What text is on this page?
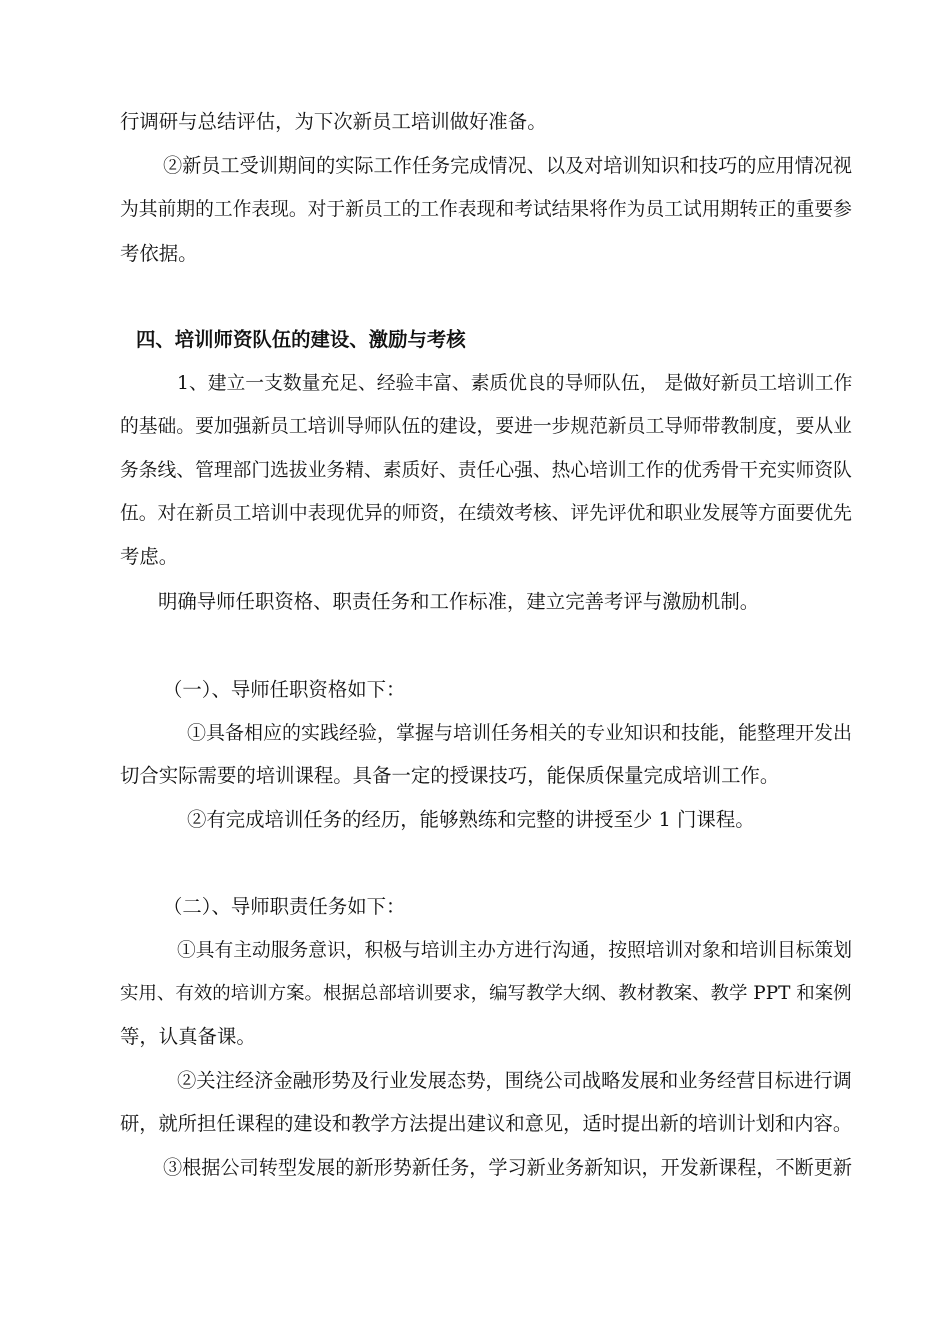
行调研与总结评估，为下次新员工培训做好准备。
②新员工受训期间的实际工作任务完成情况、以及对培训知识和技巧的应用情况视
为其前期的工作表现。对于新员工的工作表现和考试结果将作为员工试用期转正的重要参
考依据。
四、培训师资队伍的建设、激励与考核
1、建立一支数量充足、经验丰富、素质优良的导师队伍， 是做好新员工培训工作
的基础。要加强新员工培训导师队伍的建设，要进一步规范新员工导师带教制度，要从业
务条线、管理部门选拔业务精、素质好、责任心强、热心培训工作的优秀骨干充实师资队
伍。对在新员工培训中表现优异的师资，在绩效考核、评先评优和职业发展等方面要优先
考虑。
明确导师任职资格、职责任务和工作标准，建立完善考评与激励机制。
（一）、导师任职资格如下：
①具备相应的实践经验，掌握与培训任务相关的专业知识和技能，能整理开发出
切合实际需要的培训课程。具备一定的授课技巧，能保质保量完成培训工作。
②有完成培训任务的经历，能够熟练和完整的讲授至少 1 门课程。
（二）、导师职责任务如下：
①具有主动服务意识，积极与培训主办方进行沟通，按照培训对象和培训目标策划
实用、有效的培训方案。根据总部培训要求，编写教学大纲、教材教案、教学 PPT 和案例
等，认真备课。
②关注经济金融形势及行业发展态势，围绕公司战略发展和业务经营目标进行调
研，就所担任课程的建设和教学方法提出建议和意见，适时提出新的培训计划和内容。
③根据公司转型发展的新形势新任务，学习新业务新知识，开发新课程，不断更新
